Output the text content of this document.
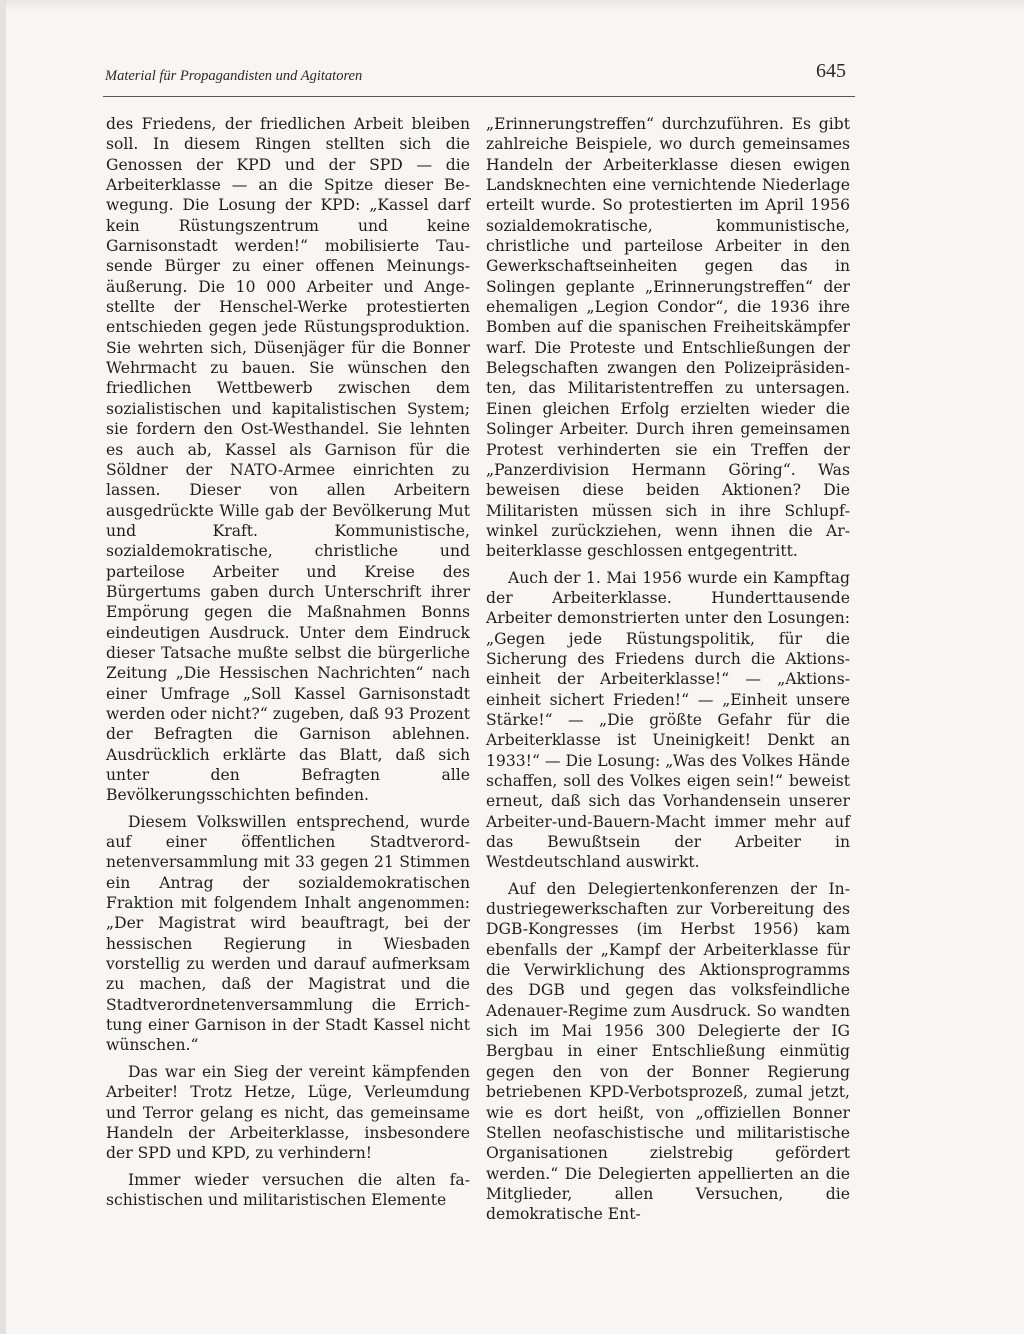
Material für Propagandisten und Agitatoren	645

des Friedens, der friedlichen Arbeit bleiben soll. In diesem Ringen stellten sich die Genossen der KPD und der SPD — die Arbeiterklasse — an die Spitze dieser Bewegung. Die Losung der KPD: „Kassel darf kein Rüstungszentrum und keine Garnisonstadt werden!“ mobilisierte Tausende Bürger zu einer offenen Meinungsäußerung. Die 10 000 Arbeiter und Angestellte der Henschel-Werke protestierten entschieden gegen jede Rüstungsproduktion. Sie wehrten sich, Düsenjäger für die Bonner Wehrmacht zu bauen. Sie wünschen den friedlichen Wettbewerb zwischen dem sozialistischen und kapitalistischen System; sie fordern den Ost-Westhandel. Sie lehnten es auch ab, Kassel als Garnison für die Söldner der NATO-Armee einrichten zu lassen. Dieser von allen Arbeitern ausgedrückte Wille gab der Bevölkerung Mut und Kraft. Kommunistische, sozialdemokratische, christliche und parteilose Arbeiter und Kreise des Bürgertums gaben durch Unterschrift ihrer Empörung gegen die Maßnahmen Bonns eindeutigen Ausdruck. Unter dem Eindruck dieser Tatsache mußte selbst die bürgerliche Zeitung „Die Hessischen Nachrichten“ nach einer Umfrage „Soll Kassel Garnisonstadt werden oder nicht?“ zugeben, daß 93 Prozent der Befragten die Garnison ablehnen. Ausdrücklich erklärte das Blatt, daß sich unter den Befragten alle Bevölkerungsschichten befinden.

Diesem Volkswillen entsprechend, wurde auf einer öffentlichen Stadtverordnetenversammlung mit 33 gegen 21 Stimmen ein Antrag der sozialdemokratischen Fraktion mit folgendem Inhalt angenommen: „Der Magistrat wird beauftragt, bei der hessischen Regierung in Wiesbaden vorstellig zu werden und darauf aufmerksam zu machen, daß der Magistrat und die Stadtverordnetenversammlung die Errichtung einer Garnison in der Stadt Kassel nicht wünschen.“

Das war ein Sieg der vereint kämpfenden Arbeiter! Trotz Hetze, Lüge, Verleumdung und Terror gelang es nicht, das gemeinsame Handeln der Arbeiterklasse, insbesondere der SPD und KPD, zu verhindern!

Immer wieder versuchen die alten faschistischen und militaristischen Elemente

„Erinnerungstreffen“ durchzuführen. Es gibt zahlreiche Beispiele, wo durch gemeinsames Handeln der Arbeiterklasse diesen ewigen Landsknechten eine vernichtende Niederlage erteilt wurde. So protestierten im April 1956 sozialdemokratische, kommunistische, christliche und parteilose Arbeiter in den Gewerkschaftseinheiten gegen das in Solingen geplante „Erinnerungstreffen“ der ehemaligen „Legion Condor“, die 1936 ihre Bomben auf die spanischen Freiheitskämpfer warf. Die Proteste und Entschließungen der Belegschaften zwangen den Polizeipräsidenten, das Militaristentreffen zu untersagen. Einen gleichen Erfolg erzielten wieder die Solinger Arbeiter. Durch ihren gemeinsamen Protest verhinderten sie ein Treffen der „Panzerdivision Hermann Göring“. Was beweisen diese beiden Aktionen? Die Militaristen müssen sich in ihre Schlupfwinkel zurückziehen, wenn ihnen die Arbeiterklasse geschlossen entgegentritt.

Auch der 1. Mai 1956 wurde ein Kampftag der Arbeiterklasse. Hunderttausende Arbeiter demonstrierten unter den Losungen: „Gegen jede Rüstungspolitik, für die Sicherung des Friedens durch die Aktionseinheit der Arbeiterklasse!“ — „Aktionseinheit sichert Frieden!“ — „Einheit unsere Stärke!“ — „Die größte Gefahr für die Arbeiterklasse ist Uneinigkeit! Denkt an 1933!“ — Die Losung: „Was des Volkes Hände schaffen, soll des Volkes eigen sein!“ beweist erneut, daß sich das Vorhandensein unserer Arbeiter-und-Bauern-Macht immer mehr auf das Bewußtsein der Arbeiter in Westdeutschland auswirkt.

Auf den Delegiertenkonferenzen der Industriegewerkschaften zur Vorbereitung des DGB-Kongresses (im Herbst 1956) kam ebenfalls der „Kampf der Arbeiterklasse für die Verwirklichung des Aktionsprogramms des DGB und gegen das volksfeindliche Adenauer-Regime zum Ausdruck. So wandten sich im Mai 1956 300 Delegierte der IG Bergbau in einer Entschließung einmütig gegen den von der Bonner Regierung betriebenen KPD-Verbotsprozeß, zumal jetzt, wie es dort heißt, von „offiziellen Bonner Stellen neofaschistische und militaristische Organisationen zielstrebig gefördert werden.“ Die Delegierten appellierten an die Mitglieder, allen Versuchen, die demokratische Ent-
